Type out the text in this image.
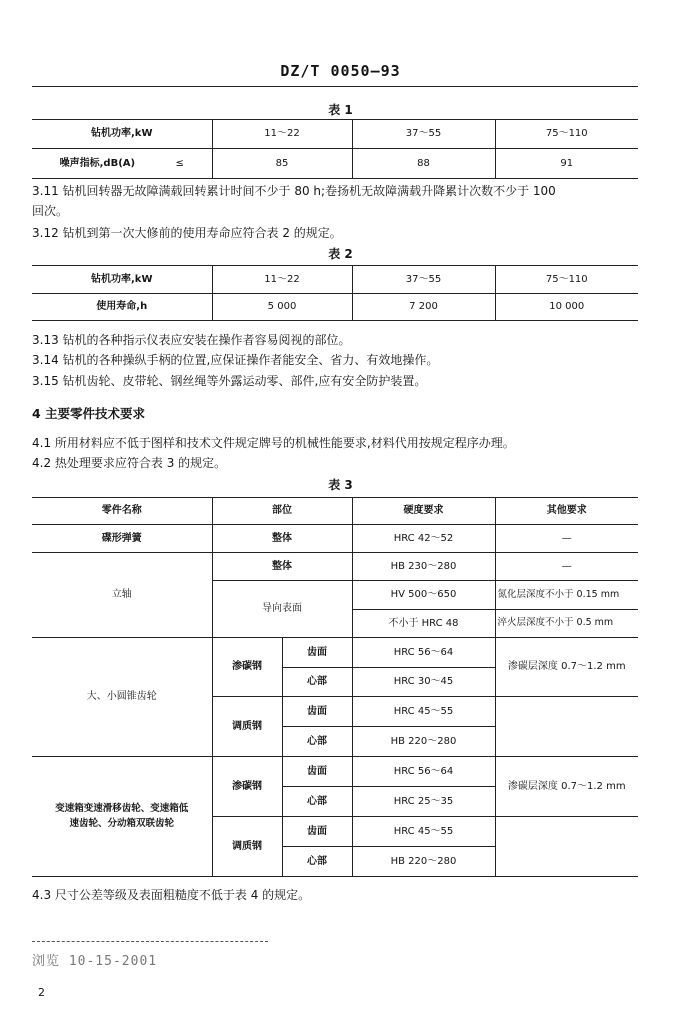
DZ/T 0050—93
表 1
钻机功率,kW	11～22	37～55	75～110
噪声指标,dB(A) ≤	85	88	91
3.11 钻机回转器无故障满载回转累计时间不少于 80 h;卷扬机无故障满载升降累计次数不少于 100
回次。
3.12 钻机到第一次大修前的使用寿命应符合表 2 的规定。
表 2
钻机功率,kW	11～22	37～55	75～110
使用寿命,h	5 000	7 200	10 000
3.13 钻机的各种指示仪表应安装在操作者容易阅视的部位。
3.14 钻机的各种操纵手柄的位置,应保证操作者能安全、省力、有效地操作。
3.15 钻机齿轮、皮带轮、钢丝绳等外露运动零、部件,应有安全防护装置。
4 主要零件技术要求
4.1 所用材料应不低于图样和技术文件规定牌号的机械性能要求,材料代用按规定程序办理。
4.2 热处理要求应符合表 3 的规定。
表 3
零件名称	部位		硬度要求	其他要求
碟形弹簧	整体		HRC 42～52	—
立轴	整体		HB 230～280	—
	导向表面		HV 500～650	氮化层深度不小于 0.15 mm
			不小于 HRC 48	淬火层深度不小于 0.5 mm
大、小圆锥齿轮	渗碳钢	齿面	HRC 56～64	渗碳层深度 0.7～1.2 mm
		心部	HRC 30～45	
	调质钢	齿面	HRC 45～55	
		心部	HB 220～280	

变速箱变速滑移齿轮、变速箱低
速齿轮、分动箱双联齿轮	渗碳钢	齿面	HRC 56～64	渗碳层深度 0.7～1.2 mm
		心部	HRC 25～35	
	调质钢	齿面	HRC 45～55	
		心部	HB 220～280	
4.3 尺寸公差等级及表面粗糙度不低于表 4 的规定。
浏览 10-15-2001
2
